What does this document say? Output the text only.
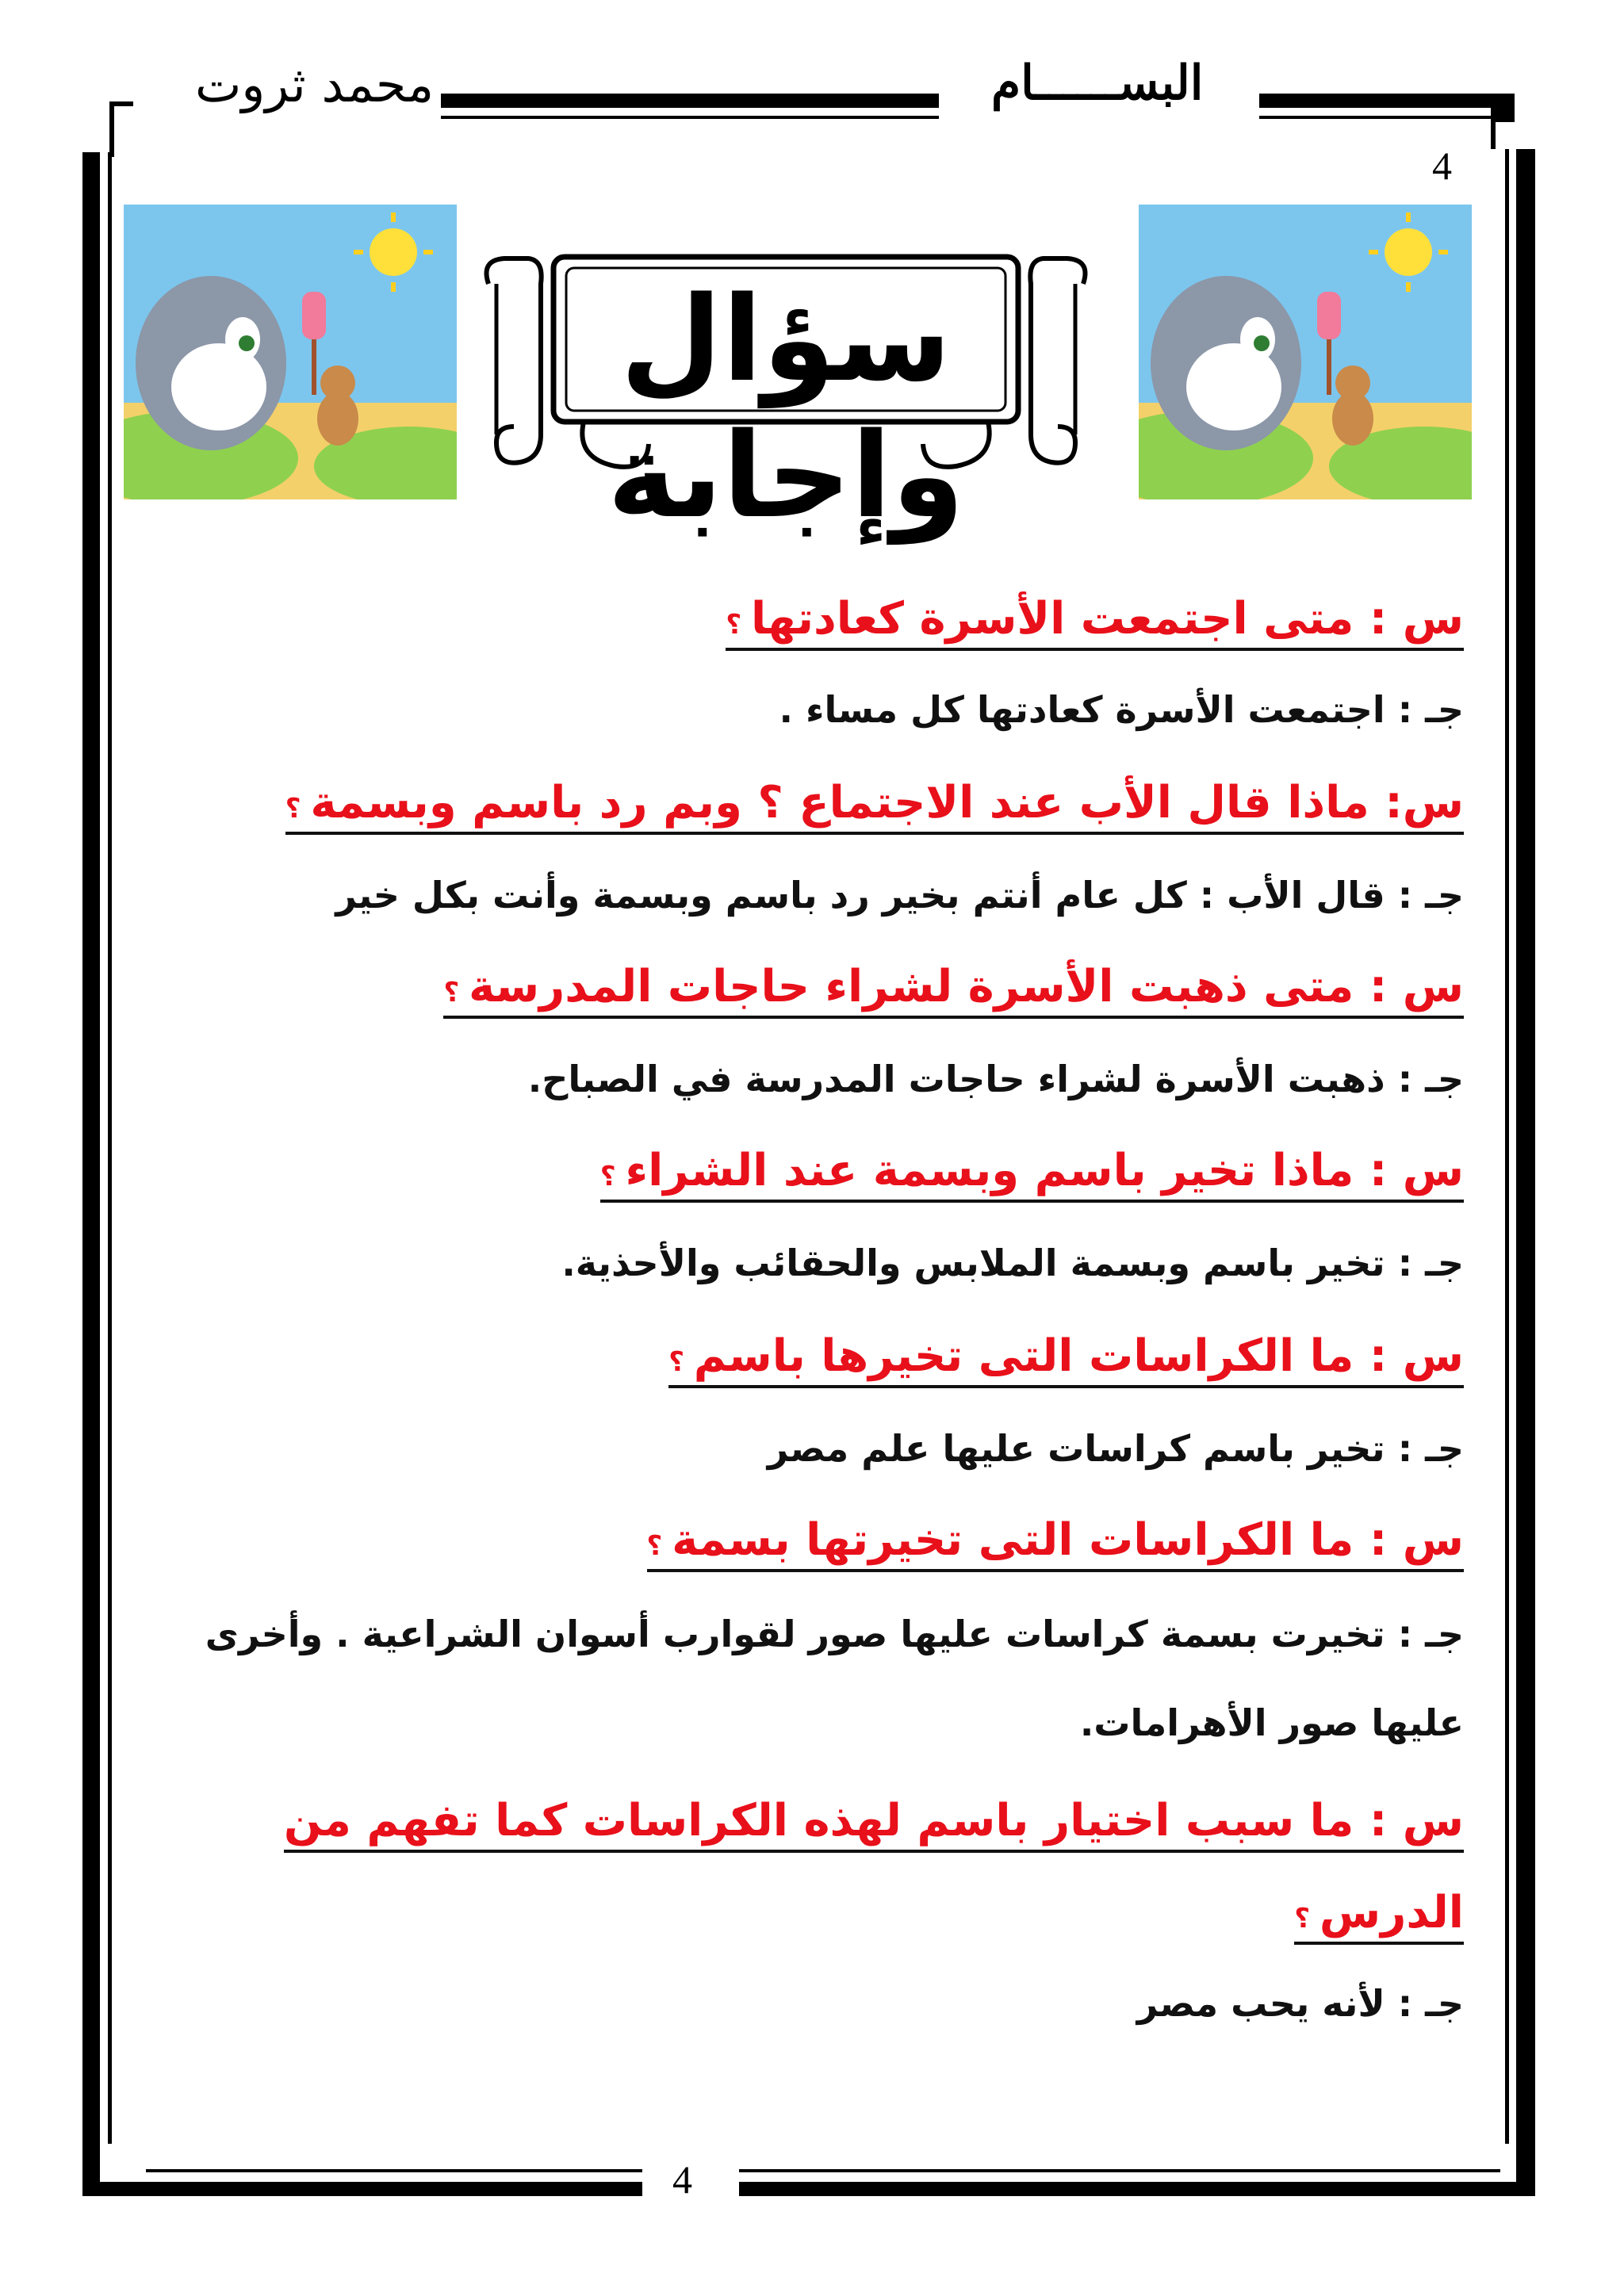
محمد ثروت	البســــــام
4
4
سؤال وإجابة
س : متى اجتمعت الأسرة كعادتها ؟
جـ : اجتمعت الأسرة كعادتها كل مساء .
س: ماذا قال الأب عند الاجتماع ؟ وبم رد باسم وبسمة ؟
جـ : قال الأب : كل عام أنتم بخير رد باسم وبسمة وأنت بكل خير
س : متى ذهبت الأسرة لشراء حاجات المدرسة ؟
جـ : ذهبت الأسرة لشراء حاجات المدرسة في الصباح.
س : ماذا تخير باسم وبسمة عند الشراء ؟
جـ : تخير باسم وبسمة الملابس والحقائب والأحذية.
س : ما الكراسات التى تخيرها باسم ؟
جـ : تخير باسم كراسات عليها علم مصر
س : ما الكراسات التى تخيرتها بسمة ؟
جـ : تخيرت بسمة كراسات عليها صور لقوارب أسوان الشراعية . وأخرى
عليها صور الأهرامات.
س : ما سبب اختيار باسم لهذه الكراسات كما تفهم من
الدرس ؟
جـ : لأنه يحب مصر
